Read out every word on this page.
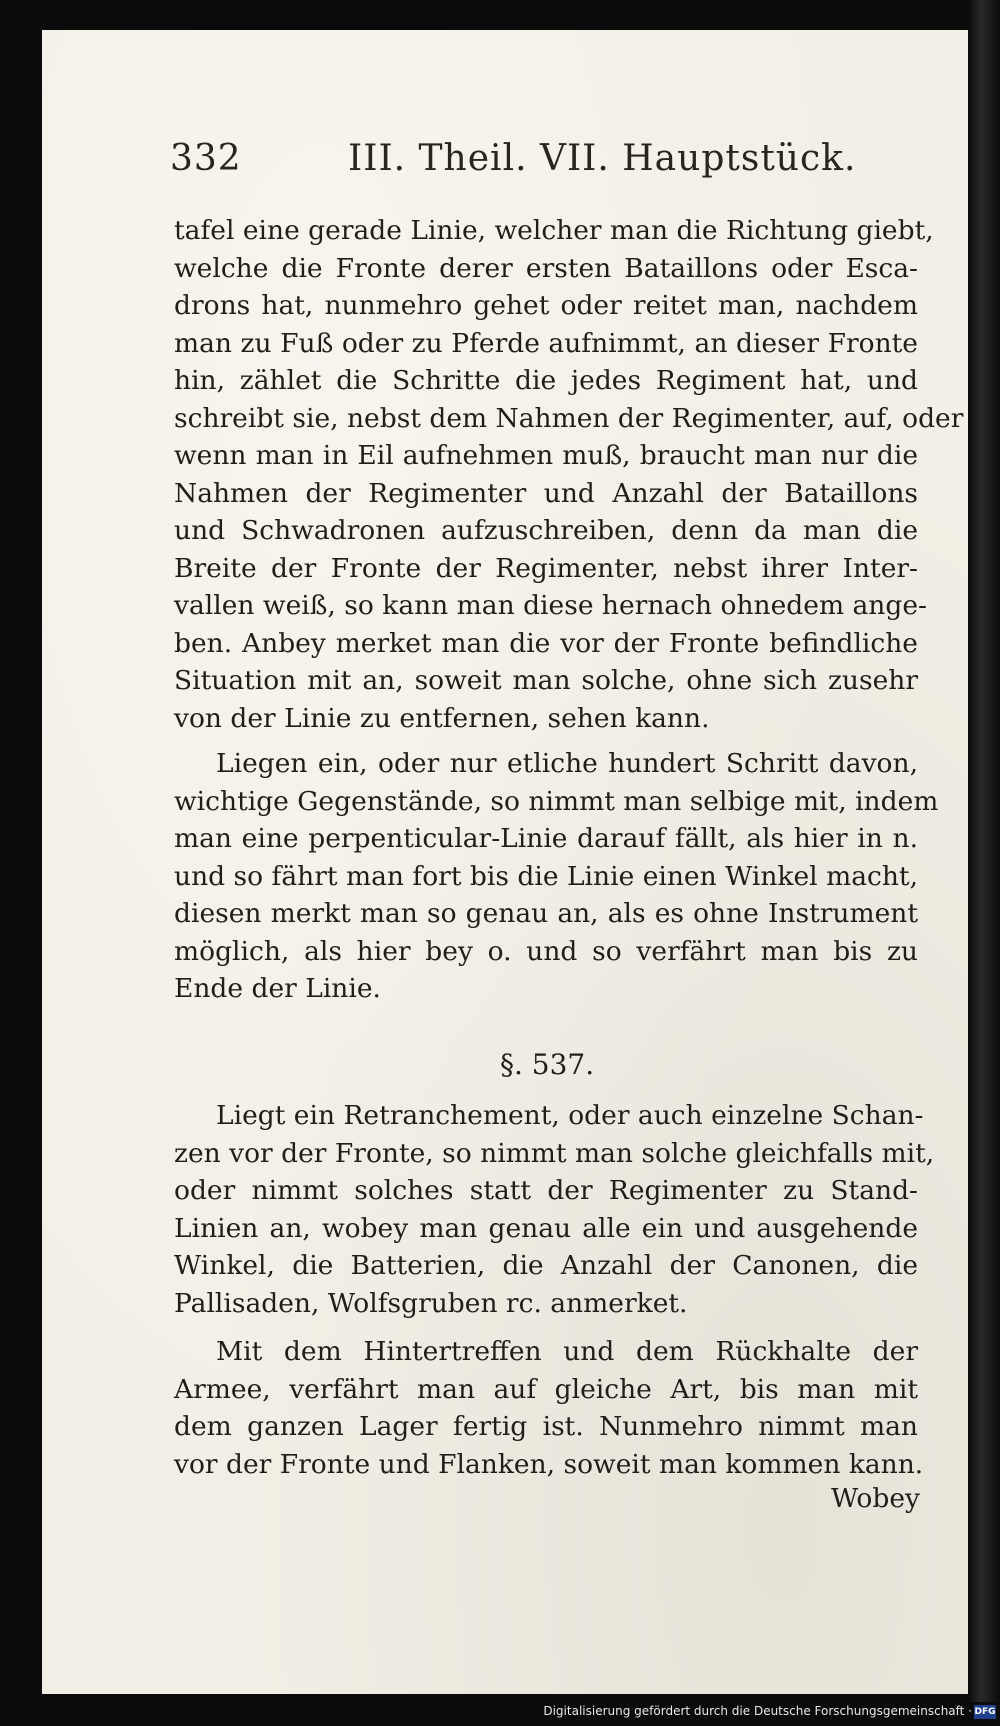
332	III. Theil. VII. Hauptstück.
tafel eine gerade Linie, welcher man die Richtung giebt,
welche die Fronte derer ersten Bataillons oder Esca-
drons hat, nunmehro gehet oder reitet man, nachdem
man zu Fuß oder zu Pferde aufnimmt, an dieser Fronte
hin, zählet die Schritte die jedes Regiment hat, und
schreibt sie, nebst dem Nahmen der Regimenter, auf, oder
wenn man in Eil aufnehmen muß, braucht man nur die
Nahmen der Regimenter und Anzahl der Bataillons
und Schwadronen aufzuschreiben, denn da man die
Breite der Fronte der Regimenter, nebst ihrer Inter-
vallen weiß, so kann man diese hernach ohnedem ange-
ben. Anbey merket man die vor der Fronte befindliche
Situation mit an, soweit man solche, ohne sich zusehr
von der Linie zu entfernen, sehen kann.
Liegen ein, oder nur etliche hundert Schritt davon,
wichtige Gegenstände, so nimmt man selbige mit, indem
man eine perpenticular-Linie darauf fällt, als hier in n.
und so fährt man fort bis die Linie einen Winkel macht,
diesen merkt man so genau an, als es ohne Instrument
möglich, als hier bey o. und so verfährt man bis zu
Ende der Linie.
§. 537.
Liegt ein Retranchement, oder auch einzelne Schan-
zen vor der Fronte, so nimmt man solche gleichfalls mit,
oder nimmt solches statt der Regimenter zu Stand-
Linien an, wobey man genau alle ein und ausgehende
Winkel, die Batterien, die Anzahl der Canonen, die
Pallisaden, Wolfsgruben rc. anmerket.
Mit dem Hintertreffen und dem Rückhalte der
Armee, verfährt man auf gleiche Art, bis man mit
dem ganzen Lager fertig ist. Nunmehro nimmt man
vor der Fronte und Flanken, soweit man kommen kann.
Wobey
Digitalisierung gefördert durch die Deutsche Forschungsgemeinschaft · DFG
